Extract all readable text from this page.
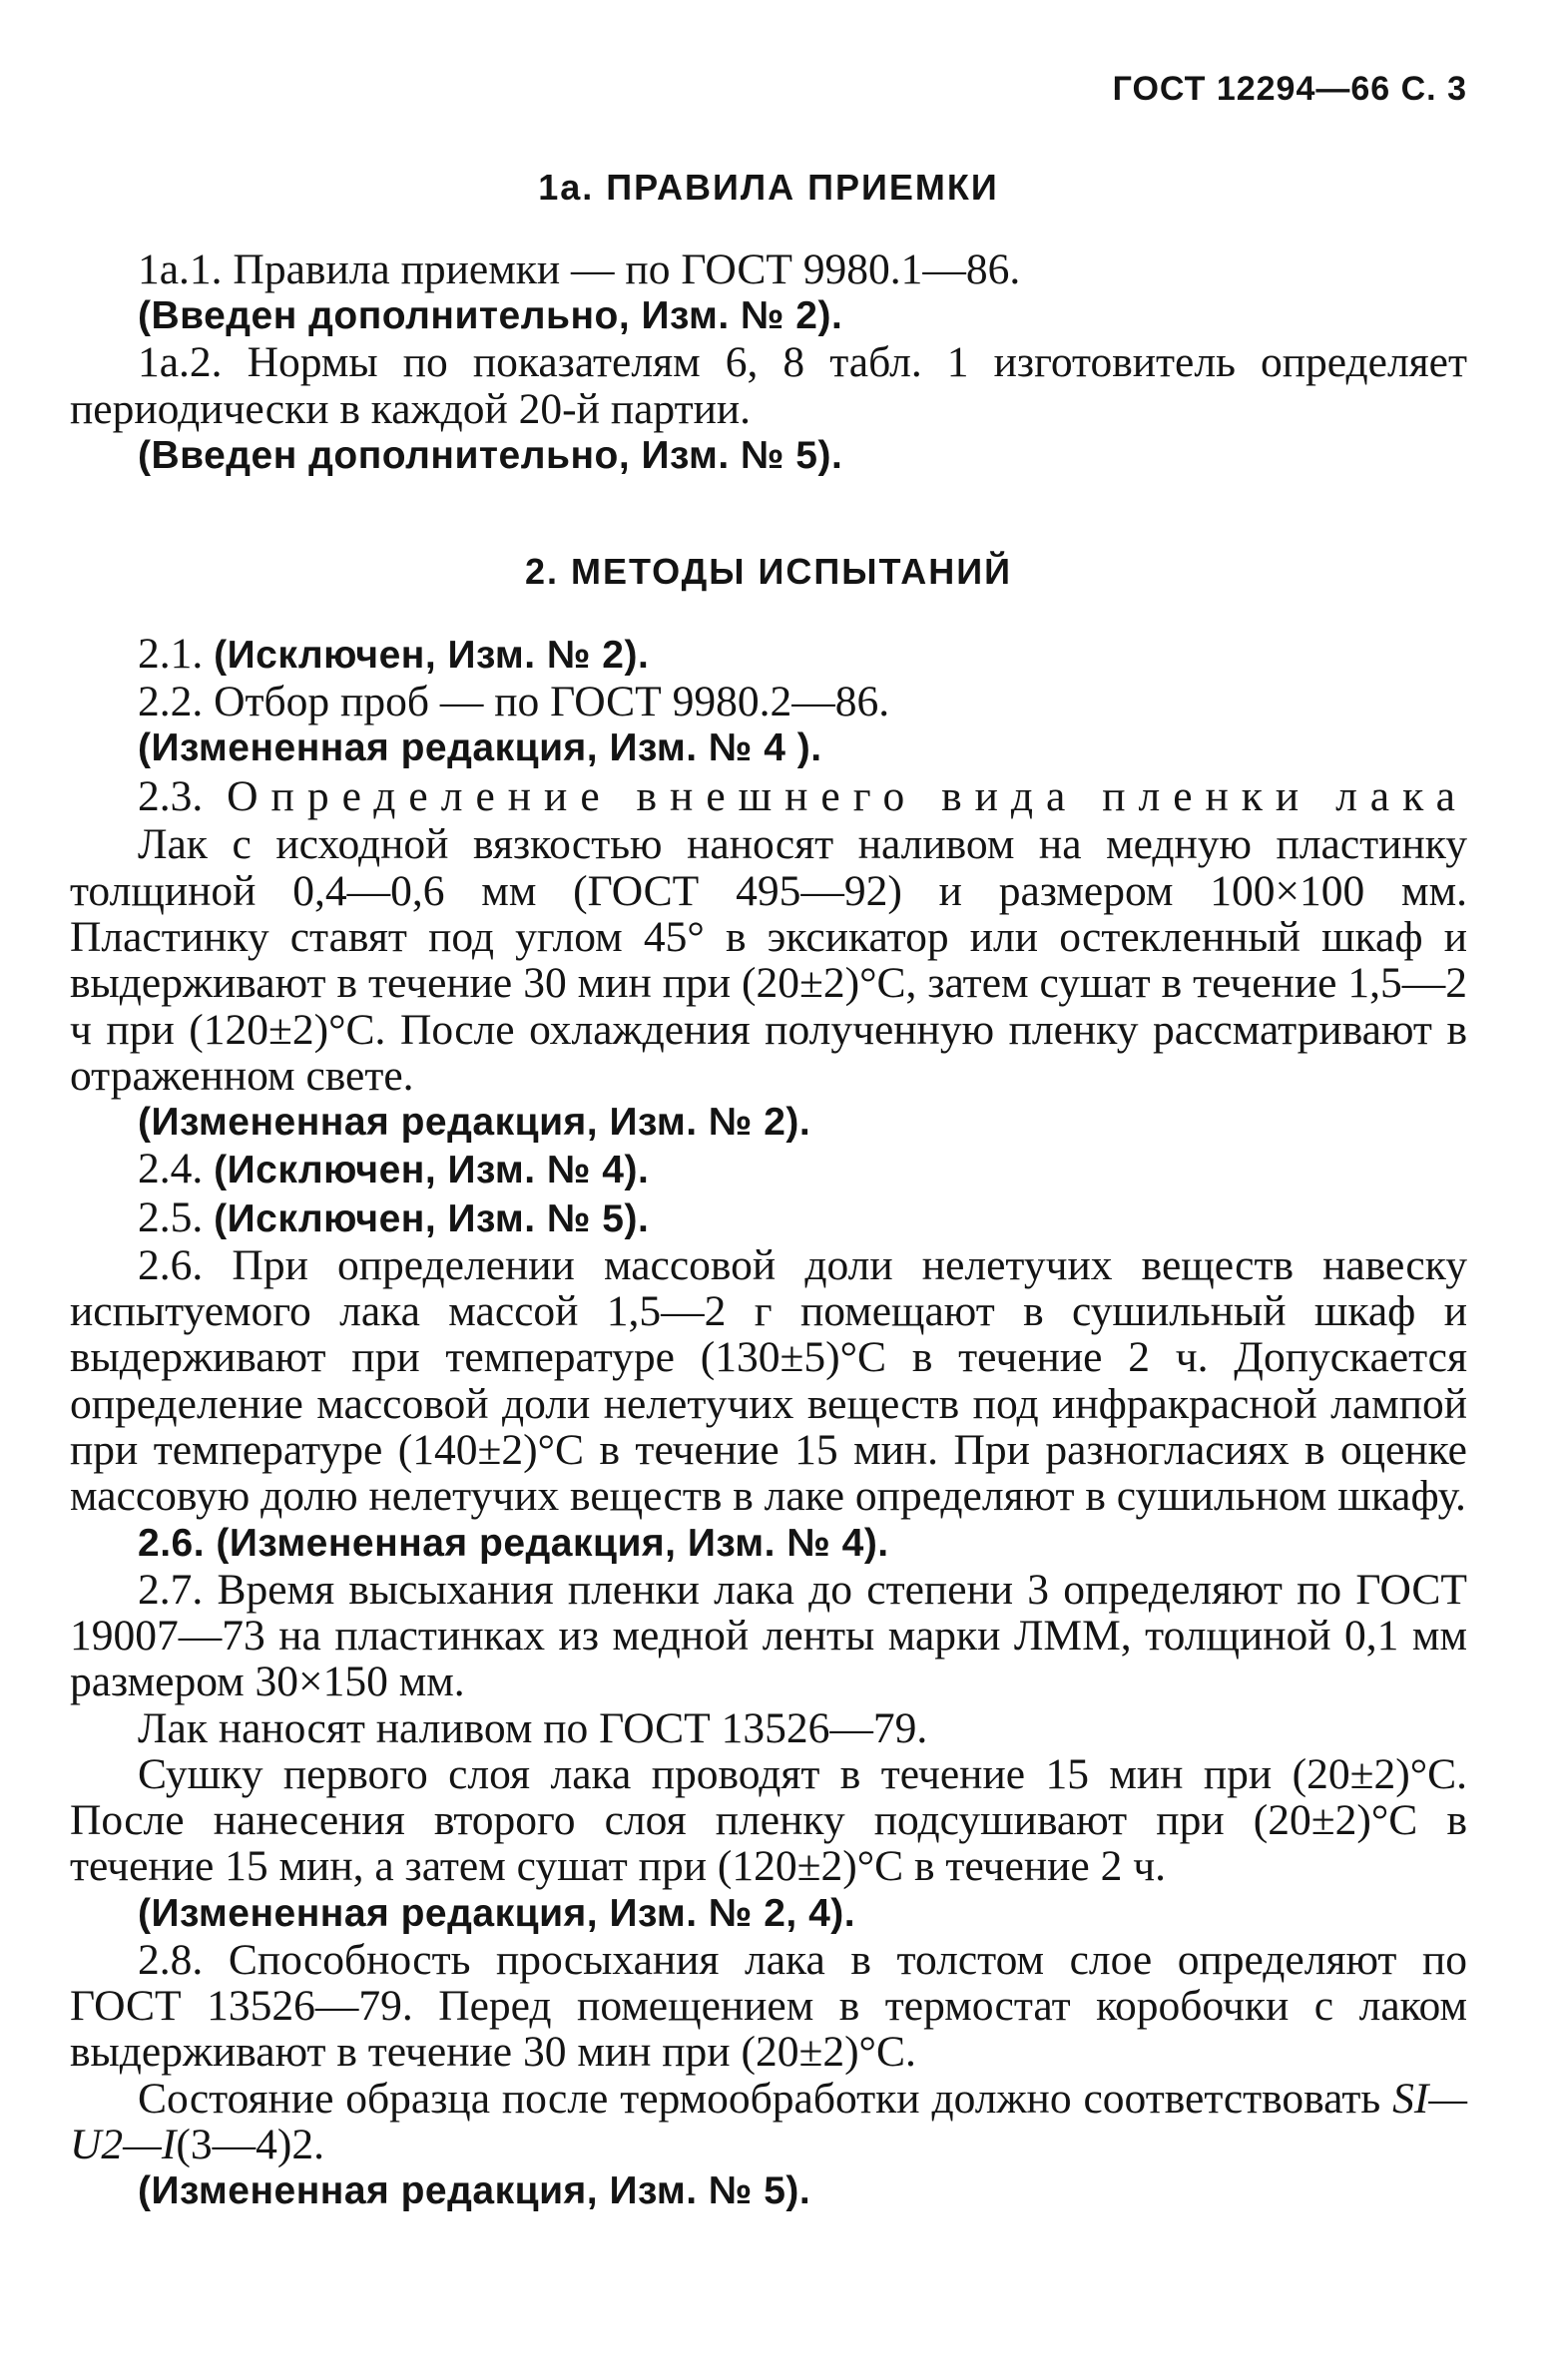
ГОСТ 12294—66 С. 3
1а. ПРАВИЛА ПРИЕМКИ

1а.1. Правила приемки — по ГОСТ 9980.1—86.

(Введен дополнительно, Изм. № 2).

1а.2. Нормы по показателям 6, 8 табл. 1 изготовитель определяет периодически в каждой 20-й партии.

(Введен дополнительно, Изм. № 5).

2. МЕТОДЫ ИСПЫТАНИЙ

2.1. (Исключен, Изм. № 2).

2.2. Отбор проб — по ГОСТ 9980.2—86.

(Измененная редакция, Изм. № 4 ).

2.3. Определение внешнего вида пленки лака

Лак с исходной вязкостью наносят наливом на медную пластинку толщиной 0,4—0,6 мм (ГОСТ 495—92) и размером 100×100 мм. Пластинку ставят под углом 45° в эксикатор или остекленный шкаф и выдерживают в течение 30 мин при (20±2)°С, затем сушат в течение 1,5—2 ч при (120±2)°С. После охлаждения полученную пленку рассматривают в отраженном свете.

(Измененная редакция, Изм. № 2).

2.4. (Исключен, Изм. № 4).

2.5. (Исключен, Изм. № 5).

2.6. При определении массовой доли нелетучих веществ навеску испытуемого лака массой 1,5—2 г помещают в сушильный шкаф и выдерживают при температуре (130±5)°С в течение 2 ч. Допускается определение массовой доли нелетучих веществ под инфракрасной лампой при температуре (140±2)°С в течение 15 мин. При разногласиях в оценке массовую долю нелетучих веществ в лаке определяют в сушильном шкафу.

2.6. (Измененная редакция, Изм. № 4).

2.7. Время высыхания пленки лака до степени 3 определяют по ГОСТ 19007—73 на пластинках из медной ленты марки ЛММ, толщиной 0,1 мм размером 30×150 мм.

Лак наносят наливом по ГОСТ 13526—79.

Сушку первого слоя лака проводят в течение 15 мин при (20±2)°С. После нанесения второго слоя пленку подсушивают при (20±2)°С в течение 15 мин, а затем сушат при (120±2)°С в течение 2 ч.

(Измененная редакция, Изм. № 2, 4).

2.8. Способность просыхания лака в толстом слое определяют по ГОСТ 13526—79. Перед помещением в термостат коробочки с лаком выдерживают в течение 30 мин при (20±2)°С.

Состояние образца после термообработки должно соответствовать SI—U2—I(3—4)2.

(Измененная редакция, Изм. № 5).
